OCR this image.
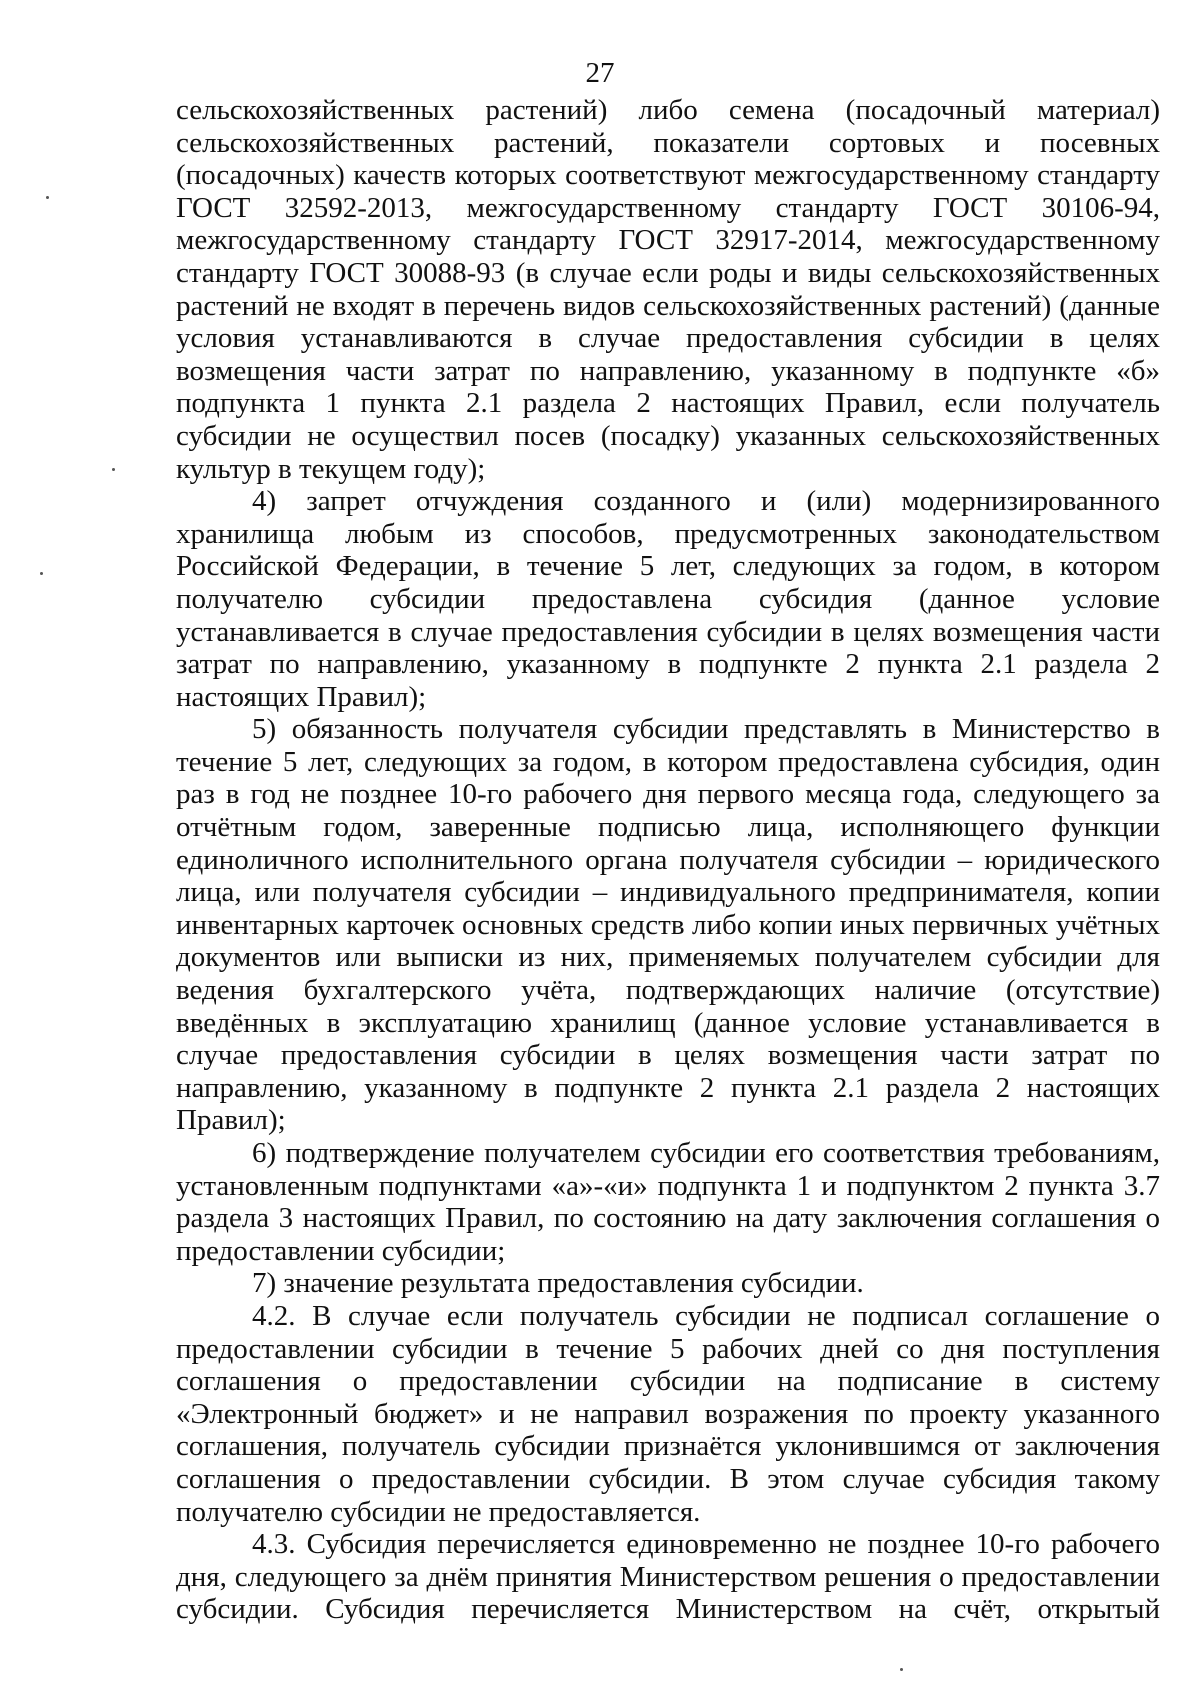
27

сельскохозяйственных растений) либо семена (посадочный материал) сельскохозяйственных растений, показатели сортовых и посевных (посадочных) качеств которых соответствуют межгосударственному стандарту ГОСТ 32592-2013, межгосударственному стандарту ГОСТ 30106-94, межгосударственному стандарту ГОСТ 32917-2014, межгосударственному стандарту ГОСТ 30088-93 (в случае если роды и виды сельскохозяйственных растений не входят в перечень видов сельскохозяйственных растений) (данные условия устанавливаются в случае предоставления субсидии в целях возмещения части затрат по направлению, указанному в подпункте «б» подпункта 1 пункта 2.1 раздела 2 настоящих Правил, если получатель субсидии не осуществил посев (посадку) указанных сельскохозяйственных культур в текущем году);

4) запрет отчуждения созданного и (или) модернизированного хранилища любым из способов, предусмотренных законодательством Российской Федерации, в течение 5 лет, следующих за годом, в котором получателю субсидии предоставлена субсидия (данное условие устанавливается в случае предоставления субсидии в целях возмещения части затрат по направлению, указанному в подпункте 2 пункта 2.1 раздела 2 настоящих Правил);

5) обязанность получателя субсидии представлять в Министерство в течение 5 лет, следующих за годом, в котором предоставлена субсидия, один раз в год не позднее 10-го рабочего дня первого месяца года, следующего за отчётным годом, заверенные подписью лица, исполняющего функции единоличного исполнительного органа получателя субсидии – юридического лица, или получателя субсидии – индивидуального предпринимателя, копии инвентарных карточек основных средств либо копии иных первичных учётных документов или выписки из них, применяемых получателем субсидии для ведения бухгалтерского учёта, подтверждающих наличие (отсутствие) введённых в эксплуатацию хранилищ (данное условие устанавливается в случае предоставления субсидии в целях возмещения части затрат по направлению, указанному в подпункте 2 пункта 2.1 раздела 2 настоящих Правил);

6) подтверждение получателем субсидии его соответствия требованиям, установленным подпунктами «а»-«и» подпункта 1 и подпунктом 2 пункта 3.7 раздела 3 настоящих Правил, по состоянию на дату заключения соглашения о предоставлении субсидии;

7) значение результата предоставления субсидии.

4.2. В случае если получатель субсидии не подписал соглашение о предоставлении субсидии в течение 5 рабочих дней со дня поступления соглашения о предоставлении субсидии на подписание в систему «Электронный бюджет» и не направил возражения по проекту указанного соглашения, получатель субсидии признаётся уклонившимся от заключения соглашения о предоставлении субсидии. В этом случае субсидия такому получателю субсидии не предоставляется.

4.3. Субсидия перечисляется единовременно не позднее 10-го рабочего дня, следующего за днём принятия Министерством решения о предоставлении субсидии. Субсидия перечисляется Министерством на счёт, открытый
